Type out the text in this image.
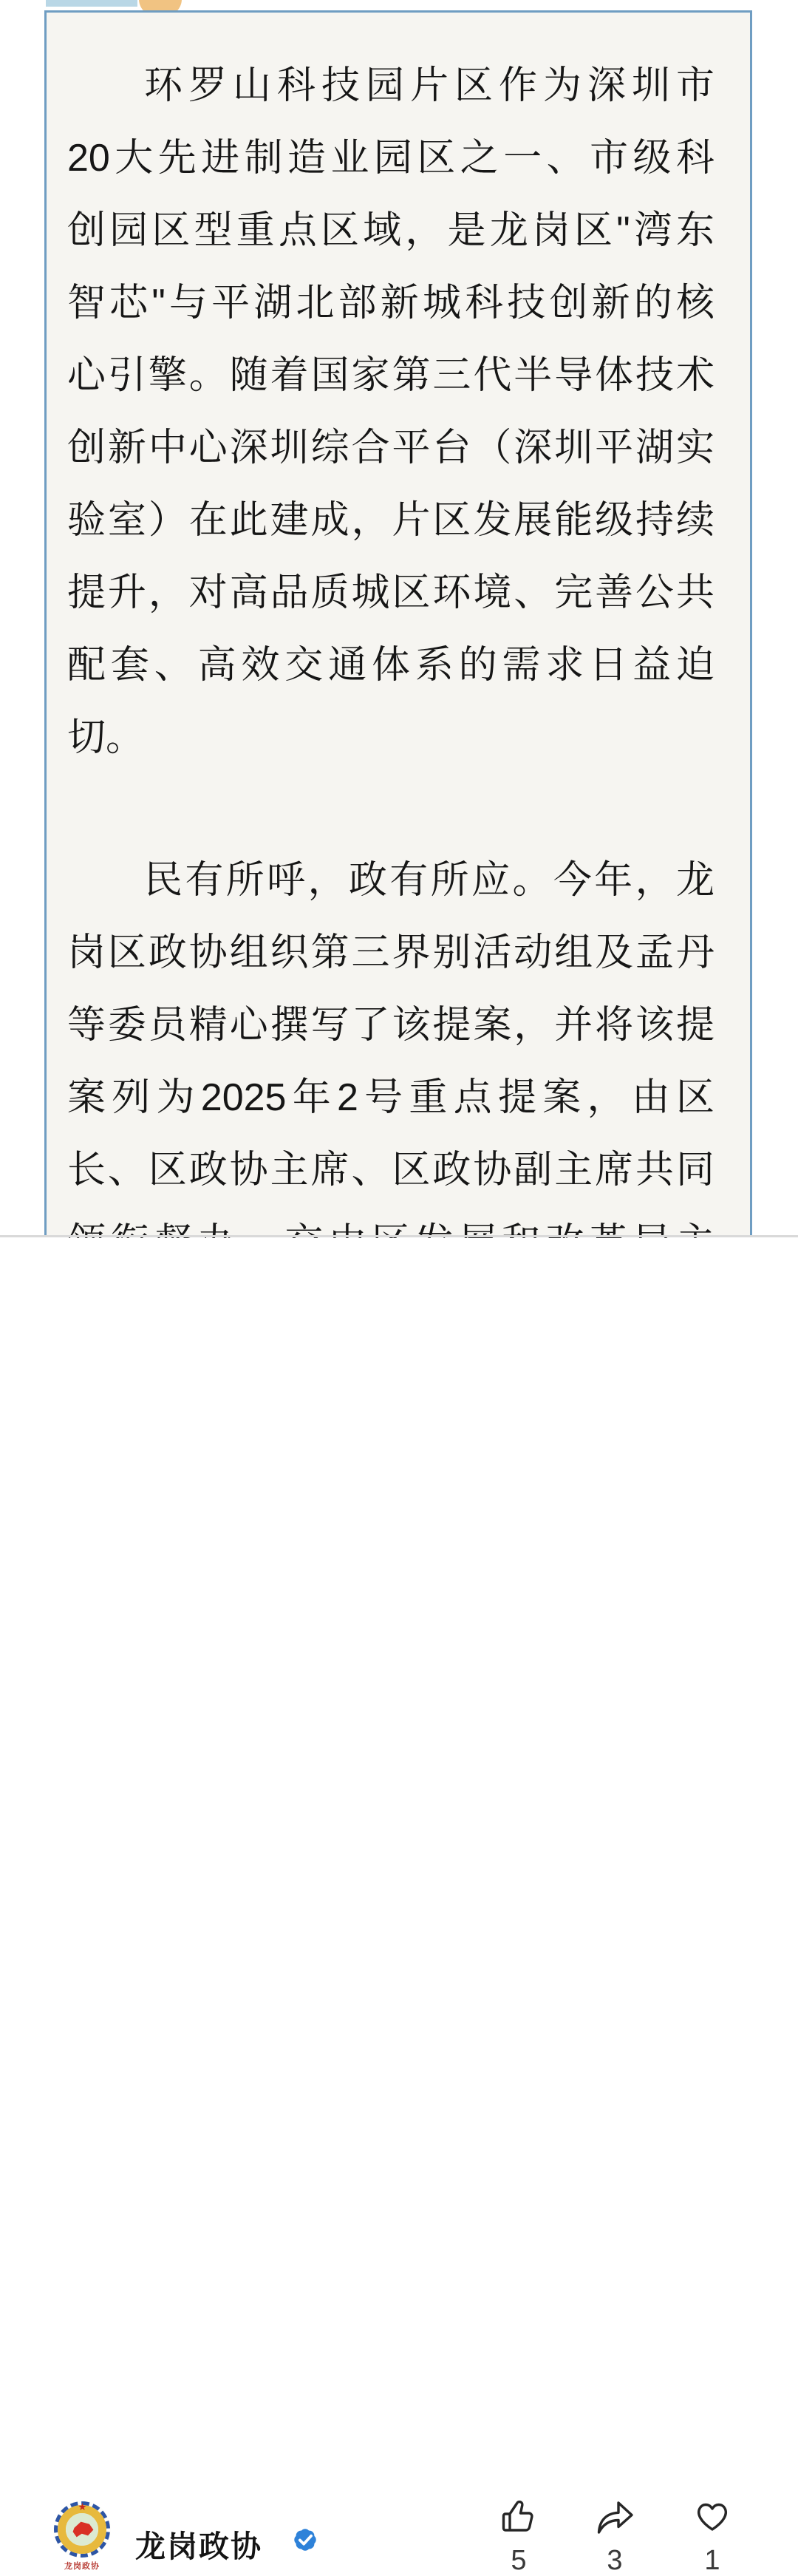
环罗山科技园片区作为深圳市
20大先进制造业园区之一、市级科
创园区型重点区域，是龙岗区"湾东
智芯"与平湖北部新城科技创新的核
心引擎。随着国家第三代半导体技术
创新中心深圳综合平台（深圳平湖实
验室）在此建成，片区发展能级持续
提升，对高品质城区环境、完善公共
配套、高效交通体系的需求日益迫
切。
民有所呼，政有所应。今年，龙
岗区政协组织第三界别活动组及孟丹
等委员精心撰写了该提案，并将该提
案列为2025年2号重点提案，由区
长、区政协主席、区政协副主席共同
龙岗政协
龙岗政协	5	3	1
